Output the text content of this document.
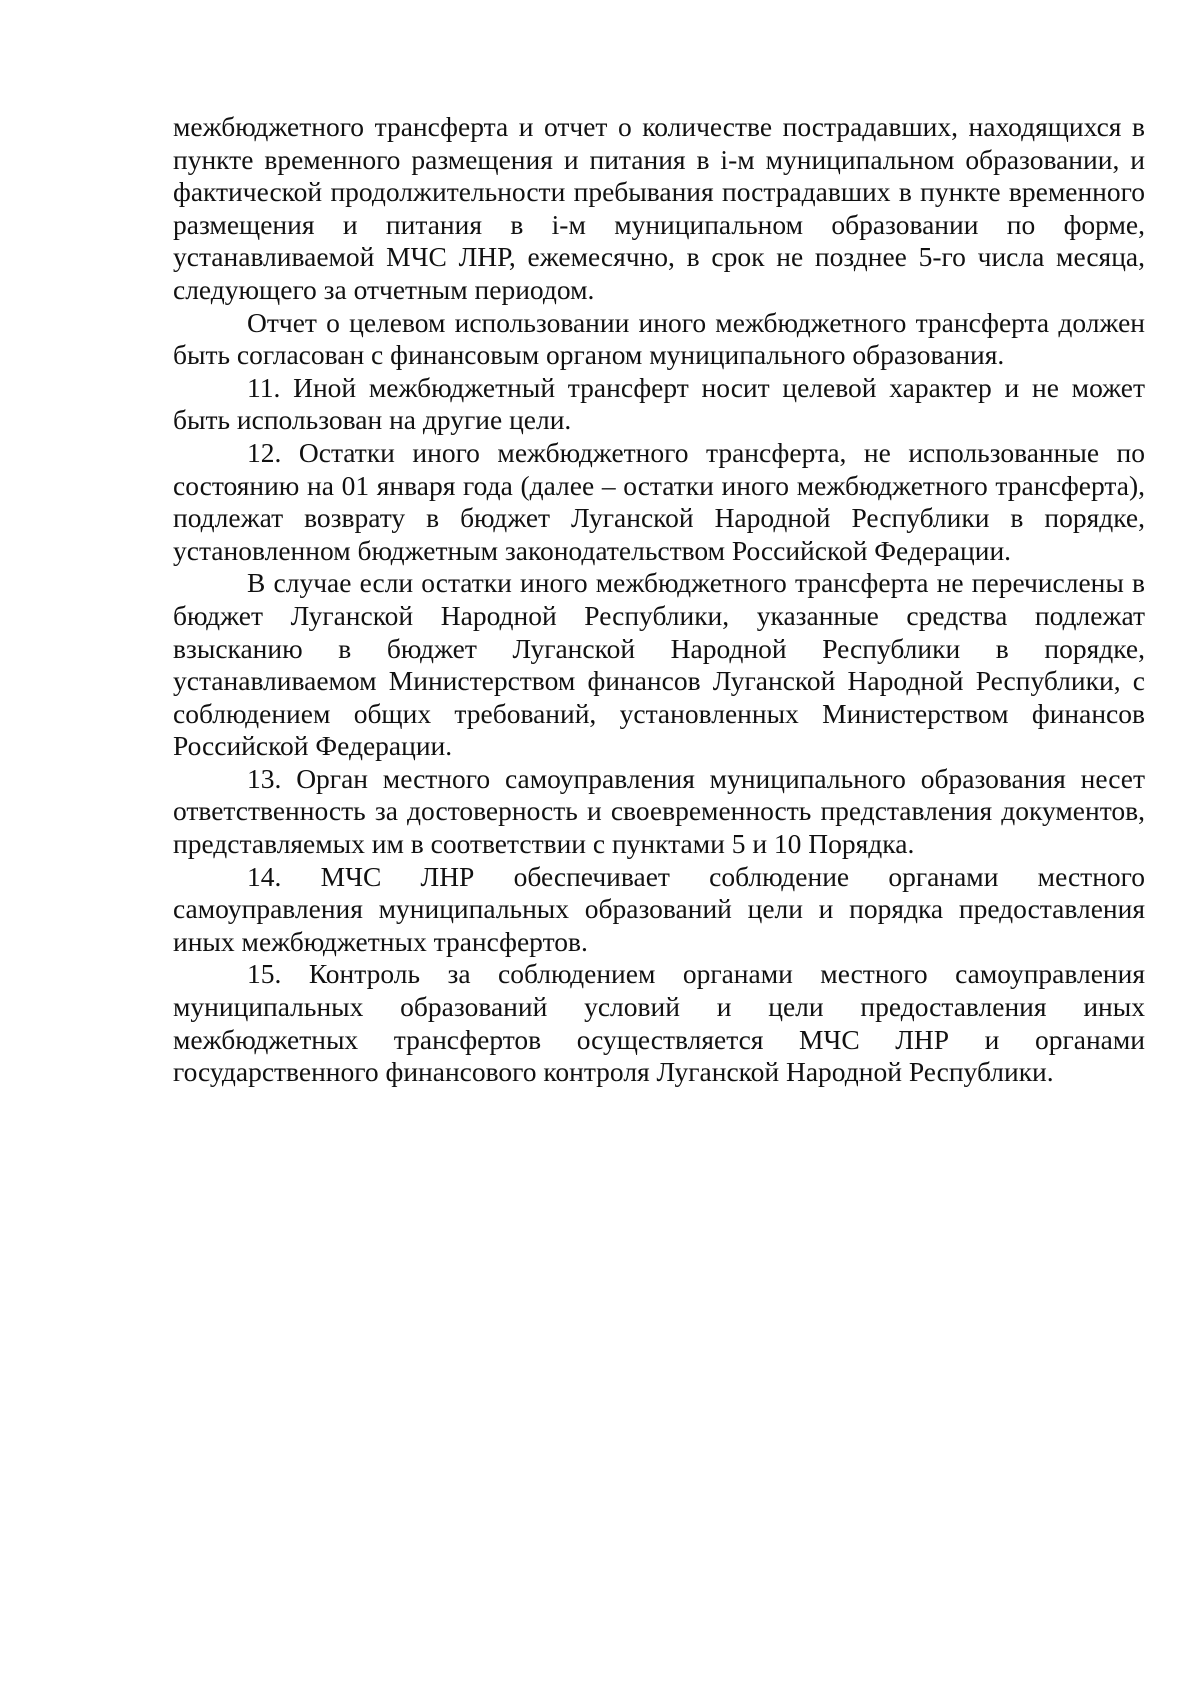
межбюджетного трансферта и отчет о количестве пострадавших, находящихся в пункте временного размещения и питания в i-м муниципальном образовании, и фактической продолжительности пребывания пострадавших в пункте временного размещения и питания в i-м муниципальном образовании по форме, устанавливаемой МЧС ЛНР, ежемесячно, в срок не позднее 5-го числа месяца, следующего за отчетным периодом.

Отчет о целевом использовании иного межбюджетного трансферта должен быть согласован с финансовым органом муниципального образования.

11. Иной межбюджетный трансферт носит целевой характер и не может быть использован на другие цели.

12. Остатки иного межбюджетного трансферта, не использованные по состоянию на 01 января года (далее – остатки иного межбюджетного трансферта), подлежат возврату в бюджет Луганской Народной Республики в порядке, установленном бюджетным законодательством Российской Федерации.

В случае если остатки иного межбюджетного трансферта не перечислены в бюджет Луганской Народной Республики, указанные средства подлежат взысканию в бюджет Луганской Народной Республики в порядке, устанавливаемом Министерством финансов Луганской Народной Республики, с соблюдением общих требований, установленных Министерством финансов Российской Федерации.

13. Орган местного самоуправления муниципального образования несет ответственность за достоверность и своевременность представления документов, представляемых им в соответствии с пунктами 5 и 10 Порядка.

14. МЧС ЛНР обеспечивает соблюдение органами местного самоуправления муниципальных образований цели и порядка предоставления иных межбюджетных трансфертов.

15. Контроль за соблюдением органами местного самоуправления муниципальных образований условий и цели предоставления иных межбюджетных трансфертов осуществляется МЧС ЛНР и органами государственного финансового контроля Луганской Народной Республики.
